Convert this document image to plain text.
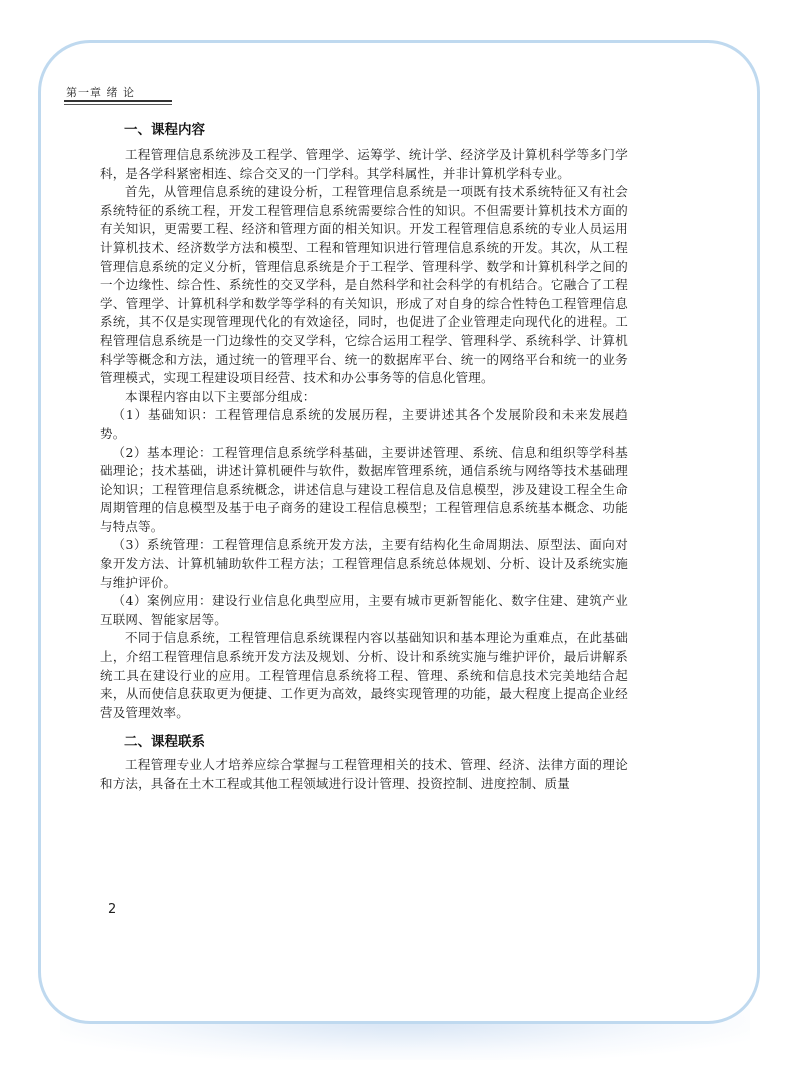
第一章 绪 论
一、课程内容

工程管理信息系统涉及工程学、管理学、运筹学、统计学、经济学及计算机科学等多门学科，是各学科紧密相连、综合交叉的一门学科。其学科属性，并非计算机学科专业。

首先，从管理信息系统的建设分析，工程管理信息系统是一项既有技术系统特征又有社会系统特征的系统工程，开发工程管理信息系统需要综合性的知识。不但需要计算机技术方面的有关知识，更需要工程、经济和管理方面的相关知识。开发工程管理信息系统的专业人员运用计算机技术、经济数学方法和模型、工程和管理知识进行管理信息系统的开发。其次，从工程管理信息系统的定义分析，管理信息系统是介于工程学、管理科学、数学和计算机科学之间的一个边缘性、综合性、系统性的交叉学科，是自然科学和社会科学的有机结合。它融合了工程学、管理学、计算机科学和数学等学科的有关知识，形成了对自身的综合性特色工程管理信息系统，其不仅是实现管理现代化的有效途径，同时，也促进了企业管理走向现代化的进程。工程管理信息系统是一门边缘性的交叉学科，它综合运用工程学、管理科学、系统科学、计算机科学等概念和方法，通过统一的管理平台、统一的数据库平台、统一的网络平台和统一的业务管理模式，实现工程建设项目经营、技术和办公事务等的信息化管理。

本课程内容由以下主要部分组成：

（1）基础知识：工程管理信息系统的发展历程，主要讲述其各个发展阶段和未来发展趋势。

（2）基本理论：工程管理信息系统学科基础，主要讲述管理、系统、信息和组织等学科基础理论；技术基础，讲述计算机硬件与软件，数据库管理系统，通信系统与网络等技术基础理论知识；工程管理信息系统概念，讲述信息与建设工程信息及信息模型，涉及建设工程全生命周期管理的信息模型及基于电子商务的建设工程信息模型；工程管理信息系统基本概念、功能与特点等。

（3）系统管理：工程管理信息系统开发方法，主要有结构化生命周期法、原型法、面向对象开发方法、计算机辅助软件工程方法；工程管理信息系统总体规划、分析、设计及系统实施与维护评价。

（4）案例应用：建设行业信息化典型应用，主要有城市更新智能化、数字住建、建筑产业互联网、智能家居等。

不同于信息系统，工程管理信息系统课程内容以基础知识和基本理论为重难点，在此基础上，介绍工程管理信息系统开发方法及规划、分析、设计和系统实施与维护评价，最后讲解系统工具在建设行业的应用。工程管理信息系统将工程、管理、系统和信息技术完美地结合起来，从而使信息获取更为便捷、工作更为高效，最终实现管理的功能，最大程度上提高企业经营及管理效率。

二、课程联系

工程管理专业人才培养应综合掌握与工程管理相关的技术、管理、经济、法律方面的理论和方法，具备在土木工程或其他工程领域进行设计管理、投资控制、进度控制、质量

2
